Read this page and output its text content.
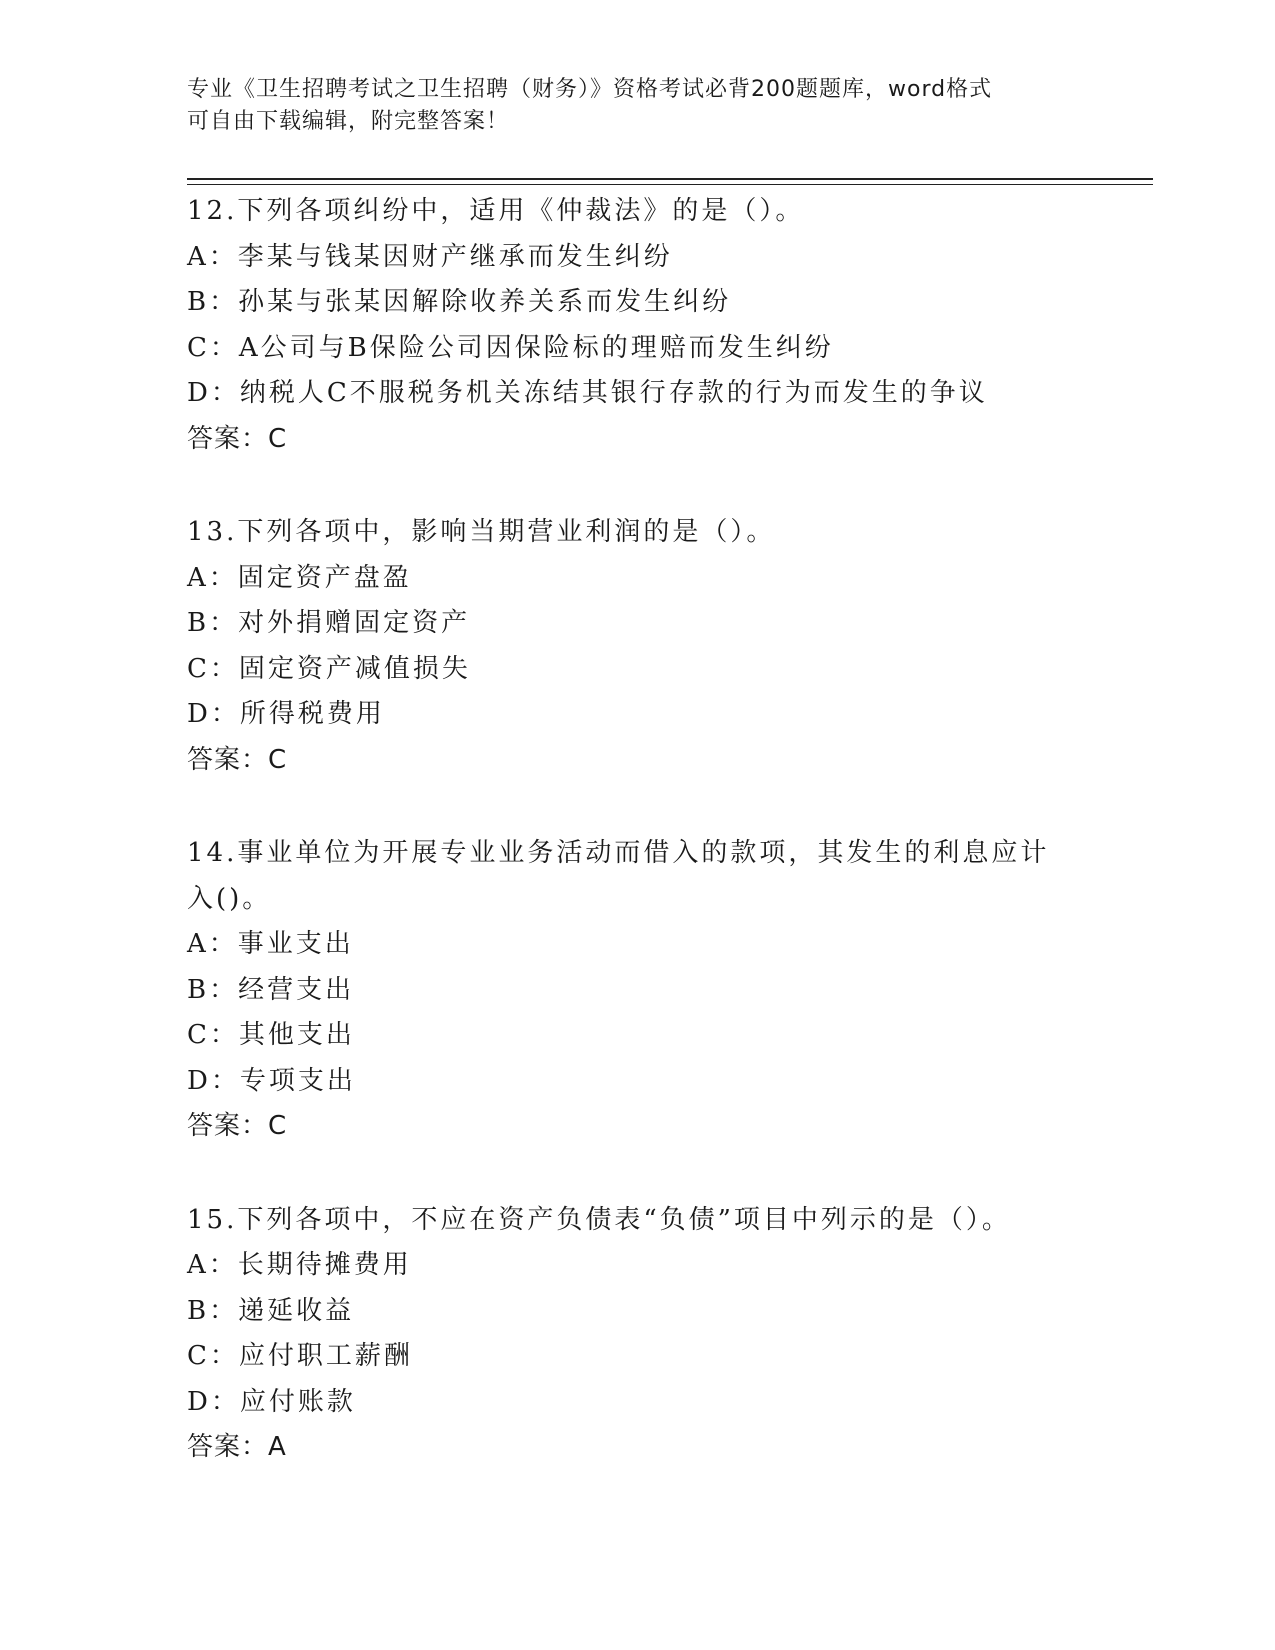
专业《卫生招聘考试之卫生招聘（财务）》资格考试必背200题题库，word格式
可自由下载编辑，附完整答案！
12.下列各项纠纷中，适用《仲裁法》的是（）。
A：李某与钱某因财产继承而发生纠纷
B：孙某与张某因解除收养关系而发生纠纷
C：A公司与B保险公司因保险标的理赔而发生纠纷
D：纳税人C不服税务机关冻结其银行存款的行为而发生的争议
答案：C
13.下列各项中，影响当期营业利润的是（）。
A：固定资产盘盈
B：对外捐赠固定资产
C：固定资产减值损失
D：所得税费用
答案：C
14.事业单位为开展专业业务活动而借入的款项，其发生的利息应计入()。
A：事业支出
B：经营支出
C：其他支出
D：专项支出
答案：C
15.下列各项中，不应在资产负债表“负债”项目中列示的是（）。
A：长期待摊费用
B：递延收益
C：应付职工薪酬
D：应付账款
答案：A
